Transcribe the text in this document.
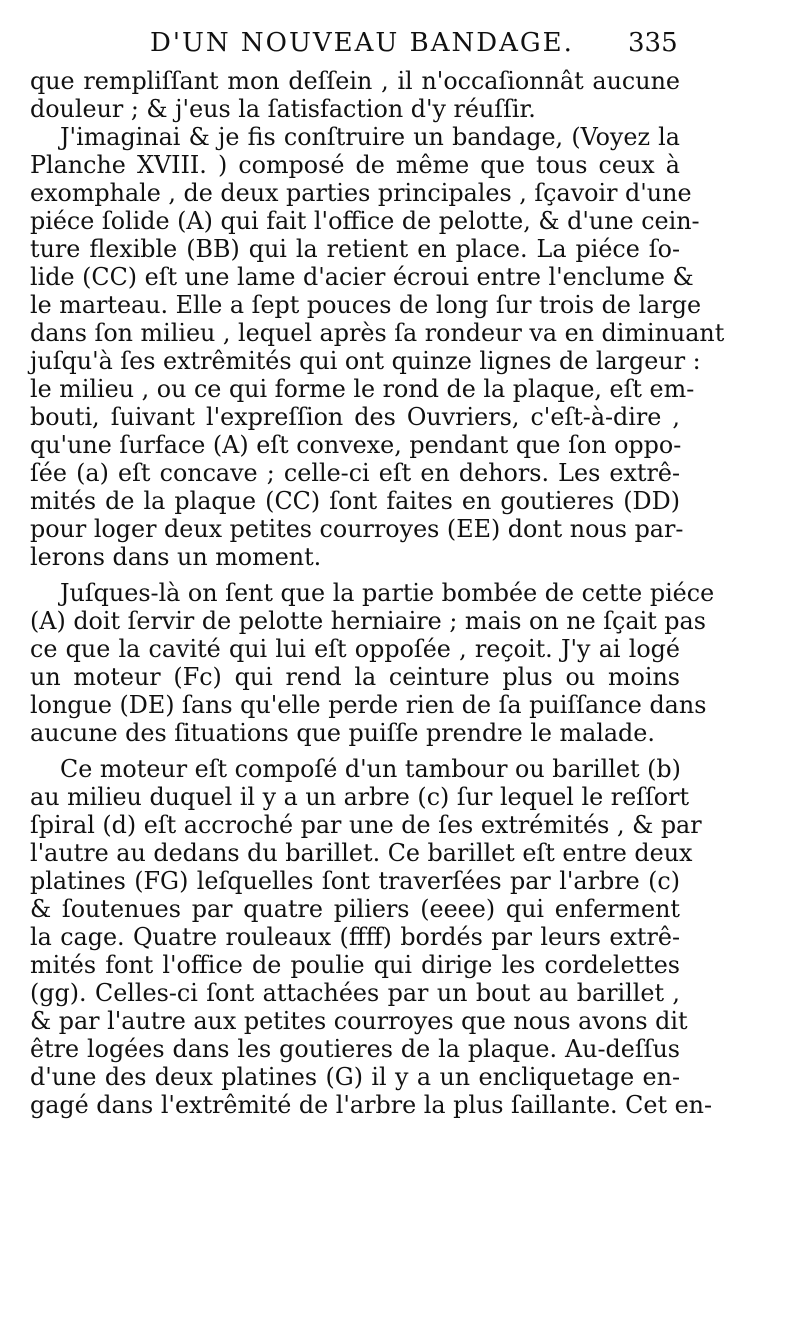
D'UN NOUVEAU BANDAGE. 335
que rempliſſant mon deſſein , il n'occaſionnât aucune
douleur ; & j'eus la ſatisfaction d'y réuſſir.
J'imaginai & je fis conſtruire un bandage, (Voyez la
Planche XVIII. ) composé de même que tous ceux à
exomphale , de deux parties principales , ſçavoir d'une
piéce ſolide (A) qui fait l'office de pelotte, & d'une cein-
ture flexible (BB) qui la retient en place. La piéce ſo-
lide (CC) eſt une lame d'acier écroui entre l'enclume &
le marteau. Elle a ſept pouces de long ſur trois de large
dans ſon milieu , lequel après ſa rondeur va en diminuant
juſqu'à ſes extrêmités qui ont quinze lignes de largeur :
le milieu , ou ce qui forme le rond de la plaque, eſt em-
bouti, ſuivant l'expreſſion des Ouvriers, c'eſt-à-dire ,
qu'une ſurface (A) eſt convexe, pendant que ſon oppo-
ſée (a) eſt concave ; celle-ci eſt en dehors. Les extrê-
mités de la plaque (CC) ſont faites en goutieres (DD)
pour loger deux petites courroyes (EE) dont nous par-
lerons dans un moment.
Juſques-là on ſent que la partie bombée de cette piéce
(A) doit ſervir de pelotte herniaire ; mais on ne ſçait pas
ce que la cavité qui lui eſt oppoſée , reçoit. J'y ai logé
un moteur (Fc) qui rend la ceinture plus ou moins
longue (DE) ſans qu'elle perde rien de ſa puiſſance dans
aucune des ſituations que puiſſe prendre le malade.
Ce moteur eſt compoſé d'un tambour ou barillet (b)
au milieu duquel il y a un arbre (c) ſur lequel le reſſort
ſpiral (d) eſt accroché par une de ſes extrémités , & par
l'autre au dedans du barillet. Ce barillet eſt entre deux
platines (FG) leſquelles ſont traverſées par l'arbre (c)
& ſoutenues par quatre piliers (eeee) qui enferment
la cage. Quatre rouleaux (ffff) bordés par leurs extrê-
mités font l'office de poulie qui dirige les cordelettes
(gg). Celles-ci ſont attachées par un bout au barillet ,
& par l'autre aux petites courroyes que nous avons dit
être logées dans les goutieres de la plaque. Au-deſſus
d'une des deux platines (G) il y a un encliquetage en-
gagé dans l'extrêmité de l'arbre la plus ſaillante. Cet en-
